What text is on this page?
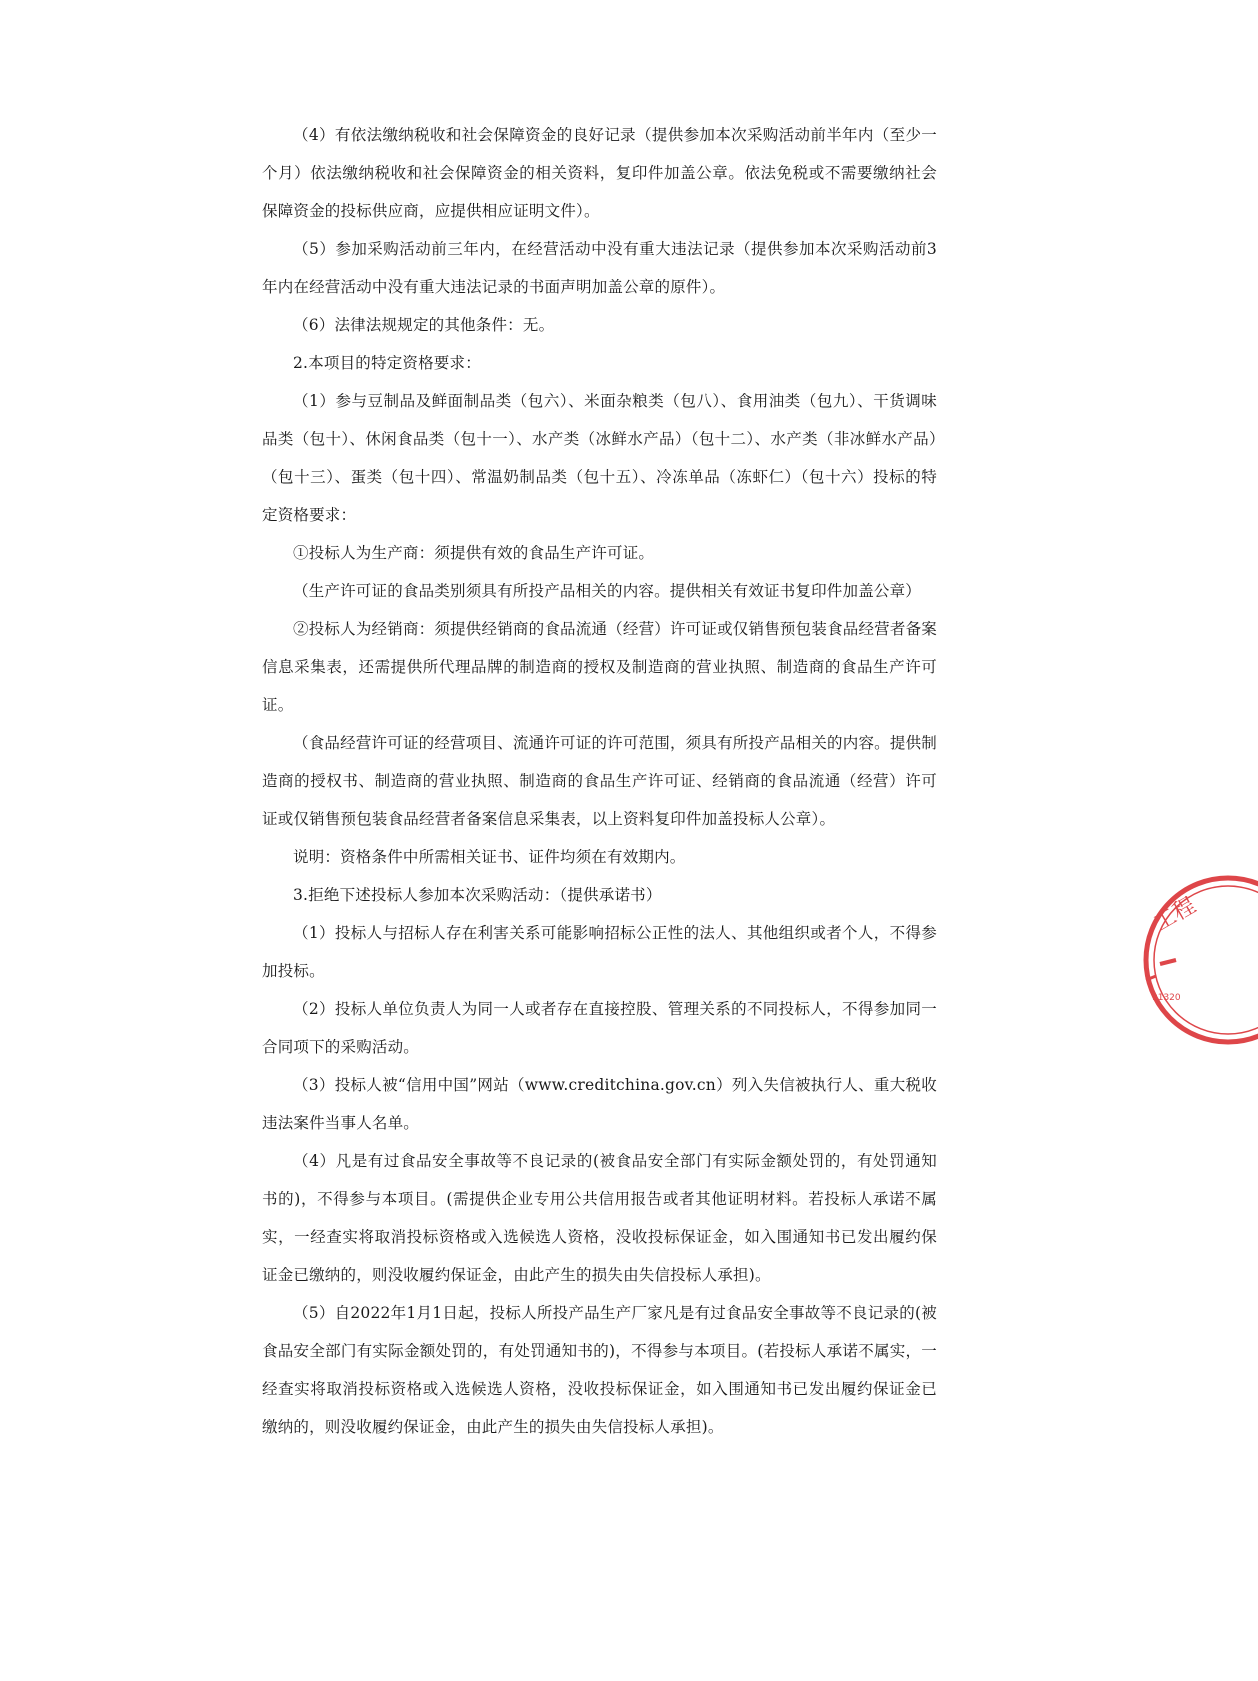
（4）有依法缴纳税收和社会保障资金的良好记录（提供参加本次采购活动前半年内（至少一个月）依法缴纳税收和社会保障资金的相关资料，复印件加盖公章。依法免税或不需要缴纳社会保障资金的投标供应商，应提供相应证明文件）。

（5）参加采购活动前三年内，在经营活动中没有重大违法记录（提供参加本次采购活动前3年内在经营活动中没有重大违法记录的书面声明加盖公章的原件）。

（6）法律法规规定的其他条件：无。

2.本项目的特定资格要求：

（1）参与豆制品及鲜面制品类（包六）、米面杂粮类（包八）、食用油类（包九）、干货调味品类（包十）、休闲食品类（包十一）、水产类（冰鲜水产品）（包十二）、水产类（非冰鲜水产品）（包十三）、蛋类（包十四）、常温奶制品类（包十五）、冷冻单品（冻虾仁）（包十六）投标的特定资格要求：

①投标人为生产商：须提供有效的食品生产许可证。

（生产许可证的食品类别须具有所投产品相关的内容。提供相关有效证书复印件加盖公章）

②投标人为经销商：须提供经销商的食品流通（经营）许可证或仅销售预包装食品经营者备案信息采集表，还需提供所代理品牌的制造商的授权及制造商的营业执照、制造商的食品生产许可证。

（食品经营许可证的经营项目、流通许可证的许可范围，须具有所投产品相关的内容。提供制造商的授权书、制造商的营业执照、制造商的食品生产许可证、经销商的食品流通（经营）许可证或仅销售预包装食品经营者备案信息采集表，以上资料复印件加盖投标人公章）。

说明：资格条件中所需相关证书、证件均须在有效期内。

3.拒绝下述投标人参加本次采购活动：（提供承诺书）

（1）投标人与招标人存在利害关系可能影响招标公正性的法人、其他组织或者个人，不得参加投标。

（2）投标人单位负责人为同一人或者存在直接控股、管理关系的不同投标人，不得参加同一合同项下的采购活动。

（3）投标人被“信用中国”网站（www.creditchina.gov.cn）列入失信被执行人、重大税收违法案件当事人名单。

（4）凡是有过食品安全事故等不良记录的(被食品安全部门有实际金额处罚的，有处罚通知书的)，不得参与本项目。(需提供企业专用公共信用报告或者其他证明材料。若投标人承诺不属实，一经查实将取消投标资格或入选候选人资格，没收投标保证金，如入围通知书已发出履约保证金已缴纳的，则没收履约保证金，由此产生的损失由失信投标人承担)。

（5）自2022年1月1日起，投标人所投产品生产厂家凡是有过食品安全事故等不良记录的(被食品安全部门有实际金额处罚的，有处罚通知书的)，不得参与本项目。(若投标人承诺不属实，一经查实将取消投标资格或入选候选人资格，没收投标保证金，如入围通知书已发出履约保证金已缴纳的，则没收履约保证金，由此产生的损失由失信投标人承担)。

工程
91320
